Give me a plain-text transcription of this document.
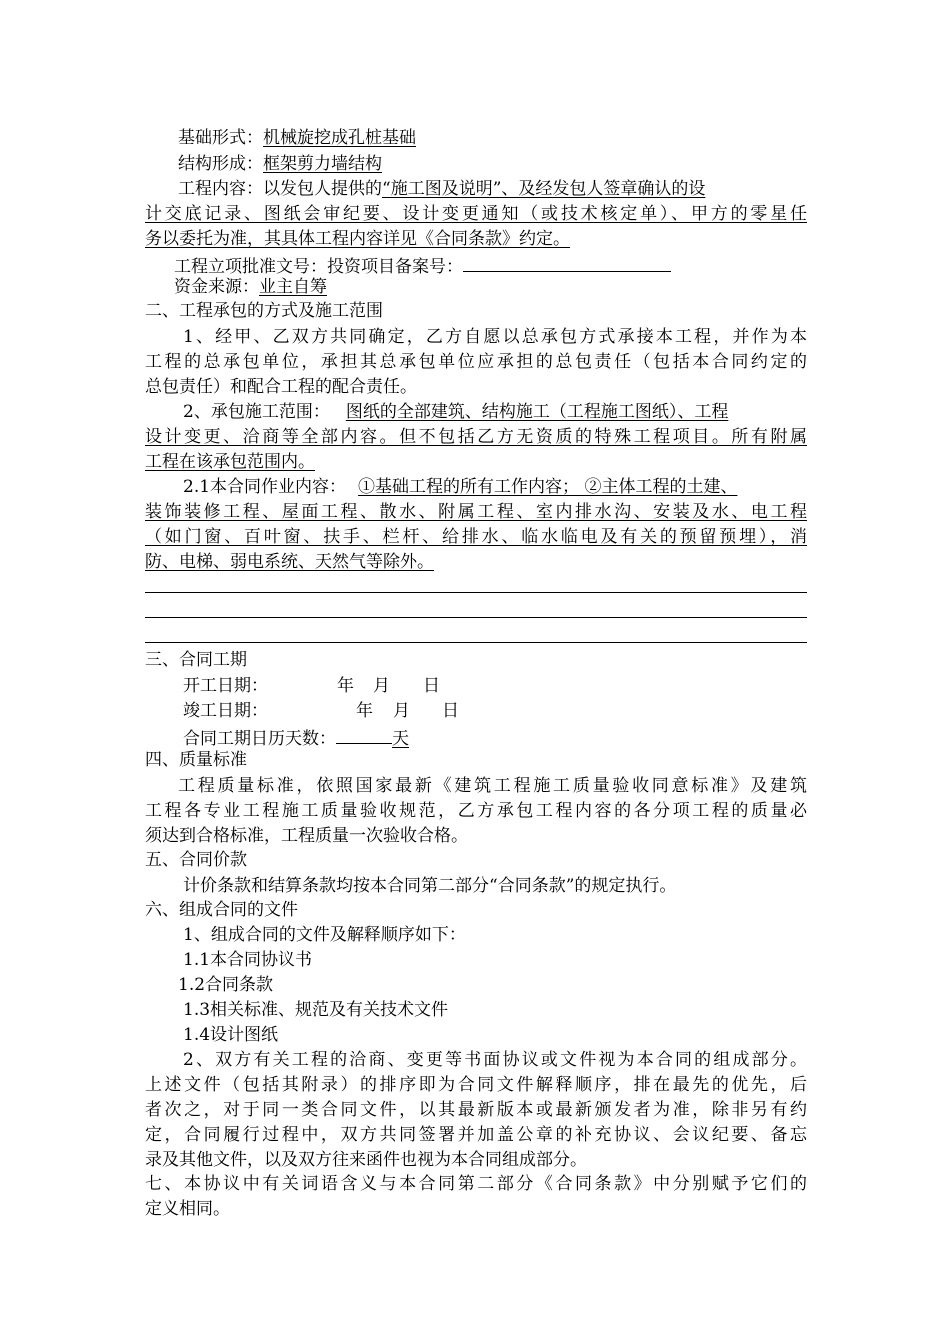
基础形式：机械旋挖成孔桩基础
结构形成：框架剪力墙结构
工程内容：以发包人提供的“施工图及说明”、及经发包人签章确认的设
计交底记录、图纸会审纪要、设计变更通知（或技术核定单）、甲方的零星任
务以委托为准，其具体工程内容详见《合同条款》约定。
工程立项批准文号：投资项目备案号：
资金来源：业主自筹
二、工程承包的方式及施工范围
1、经甲、乙双方共同确定，乙方自愿以总承包方式承接本工程，并作为本
工程的总承包单位，承担其总承包单位应承担的总包责任（包括本合同约定的
总包责任）和配合工程的配合责任。
2、承包施工范围： 图纸的全部建筑、结构施工（工程施工图纸）、工程
设计变更、洽商等全部内容。但不包括乙方无资质的特殊工程项目。所有附属
工程在该承包范围内。
2.1本合同作业内容： ①基础工程的所有工作内容； ②主体工程的土建、
装饰装修工程、屋面工程、散水、附属工程、室内排水沟、安装及水、电工程
（如门窗、百叶窗、扶手、栏杆、给排水、临水临电及有关的预留预埋），消
防、电梯、弱电系统、天然气等除外。
三、合同工期
开工日期：	年 月 日
竣工日期：	年 月 日
合同工期日历天数：	天
四、质量标准
工程质量标准，依照国家最新《建筑工程施工质量验收同意标准》及建筑
工程各专业工程施工质量验收规范，乙方承包工程内容的各分项工程的质量必
须达到合格标准，工程质量一次验收合格。
五、合同价款
计价条款和结算条款均按本合同第二部分“合同条款”的规定执行。
六、组成合同的文件
1、组成合同的文件及解释顺序如下：
1.1本合同协议书
1.2合同条款
1.3相关标准、规范及有关技术文件
1.4设计图纸
2、双方有关工程的洽商、变更等书面协议或文件视为本合同的组成部分。
上述文件（包括其附录）的排序即为合同文件解释顺序，排在最先的优先，后
者次之，对于同一类合同文件，以其最新版本或最新颁发者为准，除非另有约
定，合同履行过程中，双方共同签署并加盖公章的补充协议、会议纪要、备忘
录及其他文件，以及双方往来函件也视为本合同组成部分。
七、本协议中有关词语含义与本合同第二部分《合同条款》中分别赋予它们的
定义相同。
